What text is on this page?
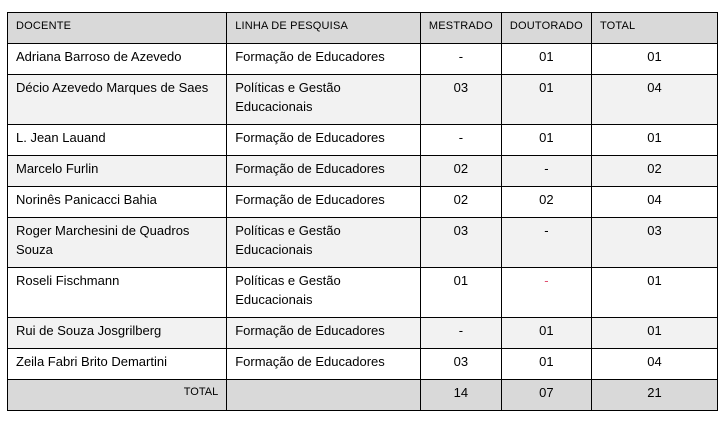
DOCENTE	LINHA DE PESQUISA	MESTRADO	DOUTORADO	TOTAL
Adriana Barroso de Azevedo	Formação de Educadores	-	01	01
Décio Azevedo Marques de Saes	Políticas e Gestão Educacionais	03	01	04
L. Jean Lauand	Formação de Educadores	-	01	01
Marcelo Furlin	Formação de Educadores	02	-	02
Norinês Panicacci Bahia	Formação de Educadores	02	02	04
Roger Marchesini de Quadros Souza	Políticas e Gestão Educacionais	03	-	03
Roseli Fischmann	Políticas e Gestão Educacionais	01	-	01
Rui de Souza Josgrilberg	Formação de Educadores	-	01	01
Zeila Fabri Brito Demartini	Formação de Educadores	03	01	04
TOTAL		14	07	21
